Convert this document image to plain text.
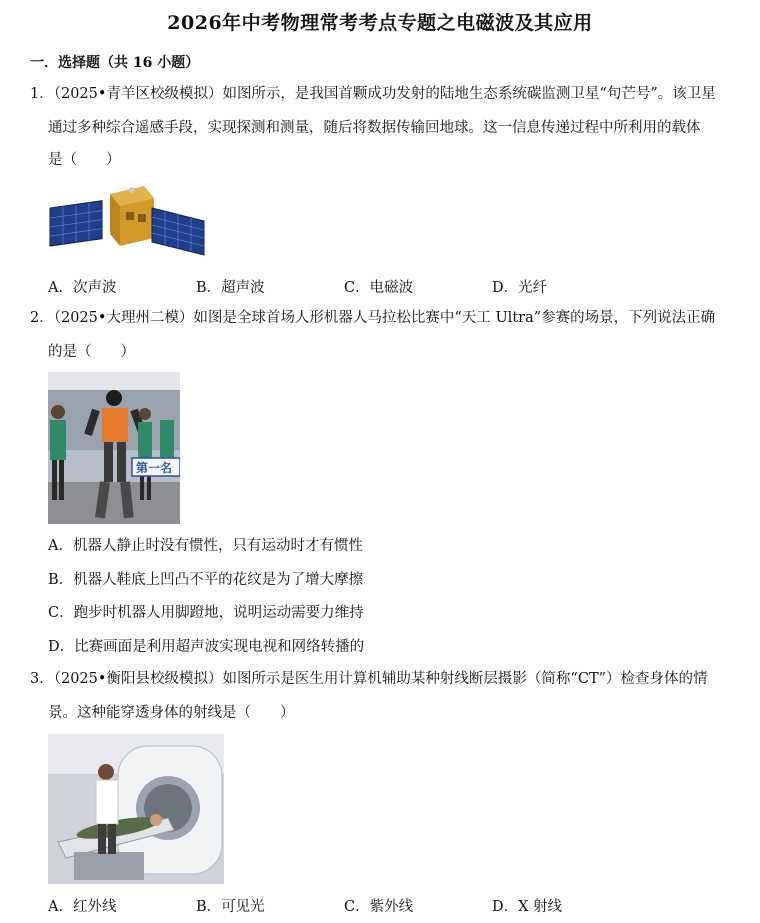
2026年中考物理常考考点专题之电磁波及其应用
一．选择题（共 16 小题）
1．（2025•青羊区校级模拟）如图所示，是我国首颗成功发射的陆地生态系统碳监测卫星“句芒号”。该卫星
通过多种综合遥感手段，实现探测和测量，随后将数据传输回地球。这一信息传递过程中所利用的载体
是（　　）
A．次声波	B．超声波	C．电磁波	D．光纤
2．（2025•大理州二模）如图是全球首场人形机器人马拉松比赛中“天工 Ultra”参赛的场景，下列说法正确
的是（　　）
第一名
A．机器人静止时没有惯性，只有运动时才有惯性
B．机器人鞋底上凹凸不平的花纹是为了增大摩擦
C．跑步时机器人用脚蹬地，说明运动需要力维持
D．比赛画面是利用超声波实现电视和网络转播的
3．（2025•衡阳县校级模拟）如图所示是医生用计算机辅助某种射线断层摄影（简称“CT”）检查身体的情
景。这种能穿透身体的射线是（　　）
A．红外线	B．可见光	C．紫外线	D．X 射线
